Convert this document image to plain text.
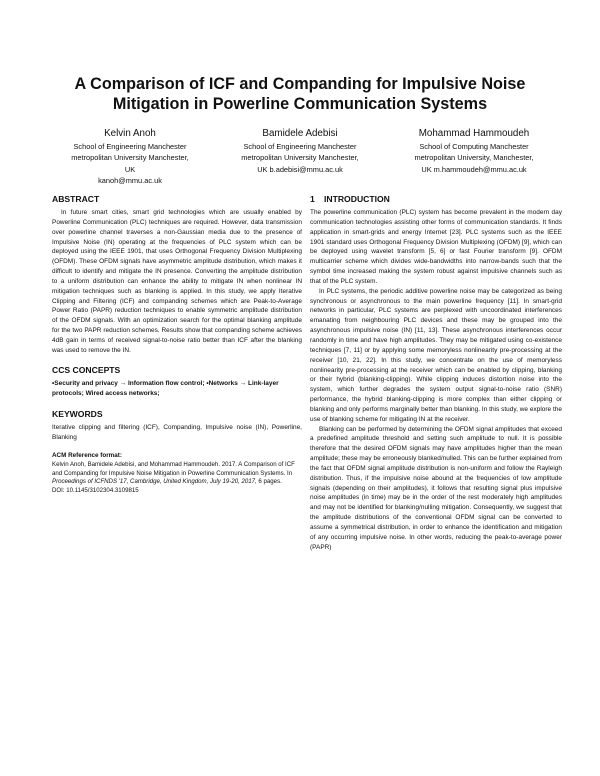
A Comparison of ICF and Companding for Impulsive Noise
Mitigation in Powerline Communication Systems
Kelvin Anoh
School of Engineering Manchester
metropolitan University Manchester,
UK
kanoh@mmu.ac.uk
Bamidele Adebisi
School of Engineering Manchester
metropolitan University Manchester,
UK b.adebisi@mmu.ac.uk
Mohammad Hammoudeh
School of Computing Manchester
metropolitan University, Manchester,
UK m.hammoudeh@mmu.ac.uk
ABSTRACT

In future smart cities, smart grid technologies which are usually enabled by Powerline Communication (PLC) techniques are required. However, data transmission over powerline channel traverses a non-Gaussian media due to the presence of Impulsive Noise (IN) operating at the frequencies of PLC system which can be deployed using the IEEE 1901, that uses Orthogonal Frequency Division Multiplexing (OFDM). These OFDM signals have asymmetric amplitude distribution, which makes it difficult to identify and mitigate the IN presence. Converting the amplitude distribution to a uniform distribution can enhance the ability to mitigate IN when nonlinear IN mitigation techniques such as blanking is applied. In this study, we apply Iterative Clipping and Filtering (ICF) and companding schemes which are Peak-to-Average Power Ratio (PAPR) reduction techniques to enable symmetric amplitude distribution of the OFDM signals. With an optimization search for the optimal blanking amplitude for the two PAPR reduction schemes. Results show that companding scheme achieves 4dB gain in terms of received signal-to-noise ratio better than ICF after the blanking was used to remove the IN.

CCS CONCEPTS

•Security and privacy → Information flow control; •Networks → Link-layer protocols; Wired access networks;

KEYWORDS

Iterative clipping and filtering (ICF), Companding, Impulsive noise (IN), Powerline, Blanking

ACM Reference format:

Kelvin Anoh, Bamidele Adebisi, and Mohammad Hammoudeh. 2017. A Comparison of ICF and Companding for Impulsive Noise Mitigation in Powerline Communication Systems. In Proceedings of ICFNDS '17, Cambridge, United Kingdom, July 19-20, 2017, 6 pages.

DOI: 10.1145/3102304.3109815

1 INTRODUCTION

The powerline communication (PLC) system has become prevalent in the modern day communication technologies assisting other forms of communication standards. It finds application in smart-grids and energy Internet [23]. PLC systems such as the IEEE 1901 standard uses Orthogonal Frequency Division Multiplexing (OFDM) [9], which can be deployed using wavelet transform [5, 6] or fast Fourier transform [9]. OFDM multicarrier scheme which divides wide-bandwidths into narrow-bands such that the symbol time increased making the system robust against impulsive channels such as that of the PLC system.

In PLC systems, the periodic additive powerline noise may be categorized as being synchronous or asynchronous to the main powerline frequency [11]. In smart-grid networks in particular, PLC systems are perplexed with uncoordinated interferences emanating from neighbouring PLC devices and these may be grouped into the asynchronous impulsive noise (IN) [11, 13]. These asynchronous interferences occur randomly in time and have high amplitudes. They may be mitigated using co-existence techniques [7, 11] or by applying some memoryless nonlinearity pre-processing at the receiver [10, 21, 22]. In this study, we concentrate on the use of memoryless nonlinearity pre-processing at the receiver which can be enabled by clipping, blanking or their hybrid (blanking-clipping). While clipping induces distortion noise into the system, which further degrades the system output signal-to-noise ratio (SNR) performance, the hybrid blanking-clipping is more complex than either clipping or blanking and only performs marginally better than blanking. In this study, we explore the use of blanking scheme for mitigating IN at the receiver.

Blanking can be performed by determining the OFDM signal amplitudes that exceed a predefined amplitude threshold and setting such amplitude to null. It is possible therefore that the desired OFDM signals may have amplitudes higher than the mean amplitude; these may be erroneously blanked/nulled. This can be further explained from the fact that OFDM signal amplitude distribution is non-uniform and follow the Rayleigh distribution. Thus, if the impulsive noise abound at the frequencies of low amplitude signals (depending on their amplitudes), it follows that resulting signal plus impulsive noise amplitudes (in time) may be in the order of the rest moderately high amplitudes and may not be identified for blanking/nulling mitigation. Consequently, we suggest that the amplitude distributions of the conventional OFDM signal can be converted to assume a symmetrical distribution, in order to enhance the identification and mitigation of any occurring impulsive noise. In other words, reducing the peak-to-average power (PAPR)
